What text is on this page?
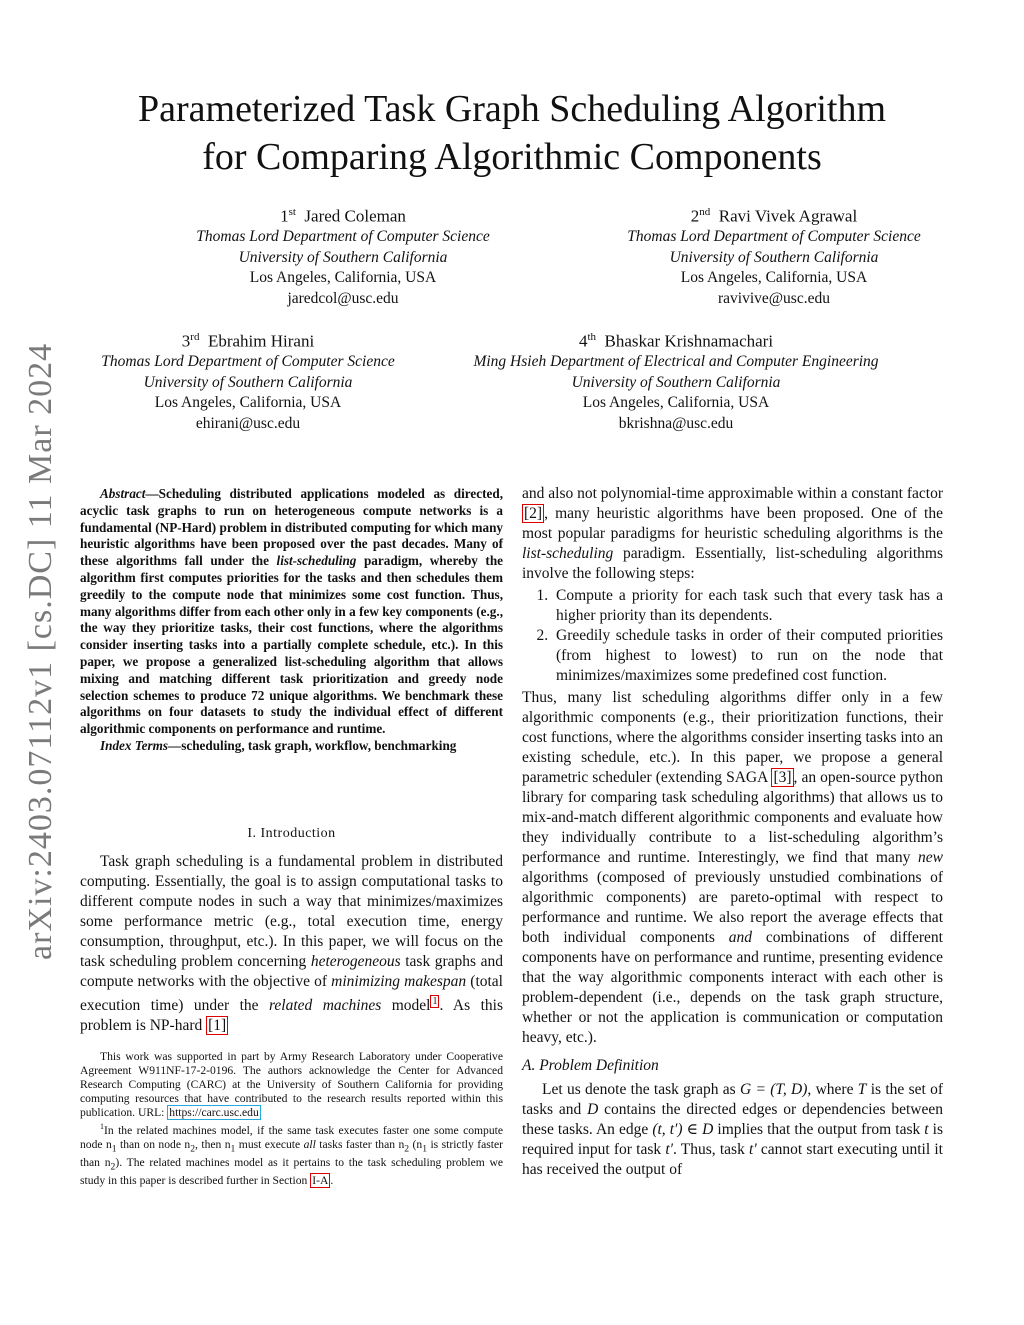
arXiv:2403.07112v1 [cs.DC] 11 Mar 2024
Parameterized Task Graph Scheduling Algorithm
for Comparing Algorithmic Components
1st Jared Coleman
Thomas Lord Department of Computer Science
University of Southern California
Los Angeles, California, USA
jaredcol@usc.edu
2nd Ravi Vivek Agrawal
Thomas Lord Department of Computer Science
University of Southern California
Los Angeles, California, USA
ravivive@usc.edu
3rd Ebrahim Hirani
Thomas Lord Department of Computer Science
University of Southern California
Los Angeles, California, USA
ehirani@usc.edu
4th Bhaskar Krishnamachari
Ming Hsieh Department of Electrical and Computer Engineering
University of Southern California
Los Angeles, California, USA
bkrishna@usc.edu

Abstract—Scheduling distributed applications modeled as directed, acyclic task graphs to run on heterogeneous compute networks is a fundamental (NP-Hard) problem in distributed computing for which many heuristic algorithms have been proposed over the past decades. Many of these algorithms fall under the list-scheduling paradigm, whereby the algorithm first computes priorities for the tasks and then schedules them greedily to the compute node that minimizes some cost function. Thus, many algorithms differ from each other only in a few key components (e.g., the way they prioritize tasks, their cost functions, where the algorithms consider inserting tasks into a partially complete schedule, etc.). In this paper, we propose a generalized list-scheduling algorithm that allows mixing and matching different task prioritization and greedy node selection schemes to produce 72 unique algorithms. We benchmark these algorithms on four datasets to study the individual effect of different algorithmic components on performance and runtime.

Index Terms—scheduling, task graph, workflow, benchmarking

I. Introduction

Task graph scheduling is a fundamental problem in distributed computing. Essentially, the goal is to assign computational tasks to different compute nodes in such a way that minimizes/maximizes some performance metric (e.g., total execution time, energy consumption, throughput, etc.). In this paper, we will focus on the task scheduling problem concerning heterogeneous task graphs and compute networks with the objective of minimizing makespan (total execution time) under the related machines model $^1$ . As this problem is NP-hard [1]

This work was supported in part by Army Research Laboratory under Cooperative Agreement W911NF-17-2-0196. The authors acknowledge the Center for Advanced Research Computing (CARC) at the University of Southern California for providing computing resources that have contributed to the research results reported within this publication. URL: https://carc.usc.edu

$^1$In the related machines model, if the same task executes faster one some compute node $n_1$ than on node $n_2$, then $n_1$ must execute all tasks faster than $n_2$ ($n_1$ is strictly faster than $n_2$). The related machines model as it pertains to the task scheduling problem we study in this paper is described further in Section I-A .

and also not polynomial-time approximable within a constant factor [2] , many heuristic algorithms have been proposed. One of the most popular paradigms for heuristic scheduling algorithms is the list-scheduling paradigm. Essentially, list-scheduling algorithms involve the following steps:

1. Compute a priority for each task such that every task has a higher priority than its dependents.
2. Greedily schedule tasks in order of their computed priorities (from highest to lowest) to run on the node that minimizes/maximizes some predefined cost function.

Thus, many list scheduling algorithms differ only in a few algorithmic components (e.g., their prioritization functions, their cost functions, where the algorithms consider inserting tasks into an existing schedule, etc.). In this paper, we propose a general parametric scheduler (extending SAGA [3] , an open-source python library for comparing task scheduling algorithms) that allows us to mix-and-match different algorithmic components and evaluate how they individually contribute to a list-scheduling algorithm’s performance and runtime. Interestingly, we find that many new algorithms (composed of previously unstudied combinations of algorithmic components) are pareto-optimal with respect to performance and runtime. We also report the average effects that both individual components and combinations of different components have on performance and runtime, presenting evidence that the way algorithmic components interact with each other is problem-dependent (i.e., depends on the task graph structure, whether or not the application is communication or computation heavy, etc.).

A. Problem Definition

Let us denote the task graph as G = (T, D), where T is the set of tasks and D contains the directed edges or dependencies between these tasks. An edge (t, t′) ∈ D implies that the output from task t is required input for task t′. Thus, task t′ cannot start executing until it has received the output of
